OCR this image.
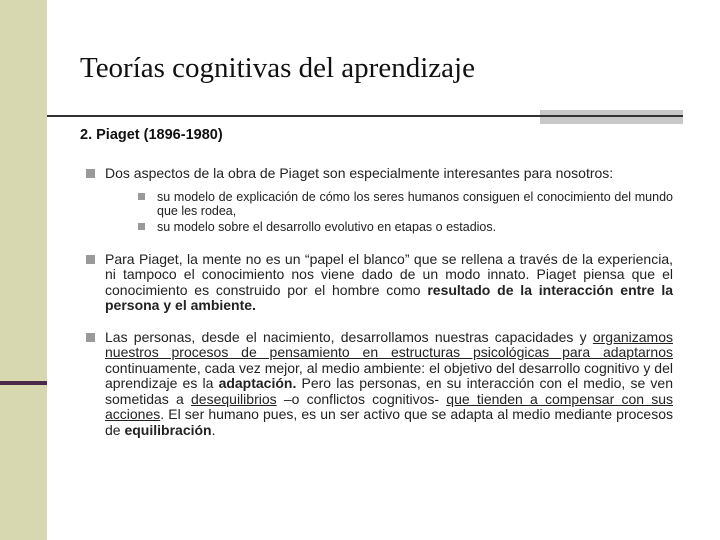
Teorías cognitivas del aprendizaje
2. Piaget (1896-1980)
Dos aspectos de la obra de Piaget son especialmente interesantes para nosotros:
su modelo de explicación de cómo los seres humanos consiguen el conocimiento del mundo que les rodea,
su modelo sobre el desarrollo evolutivo en etapas o estadios.
Para Piaget, la mente no es un “papel el blanco” que se rellena a través de la experiencia, ni tampoco el conocimiento nos viene dado de un modo innato. Piaget piensa que el conocimiento es construido por el hombre como resultado de la interacción entre la persona y el ambiente.
Las personas, desde el nacimiento, desarrollamos nuestras capacidades y organizamos nuestros procesos de pensamiento en estructuras psicológicas para adaptarnos continuamente, cada vez mejor, al medio ambiente: el objetivo del desarrollo cognitivo y del aprendizaje es la adaptación. Pero las personas, en su interacción con el medio, se ven sometidas a desequilibrios –o conflictos cognitivos- que tienden a compensar con sus acciones. El ser humano pues, es un ser activo que se adapta al medio mediante procesos de equilibración.
